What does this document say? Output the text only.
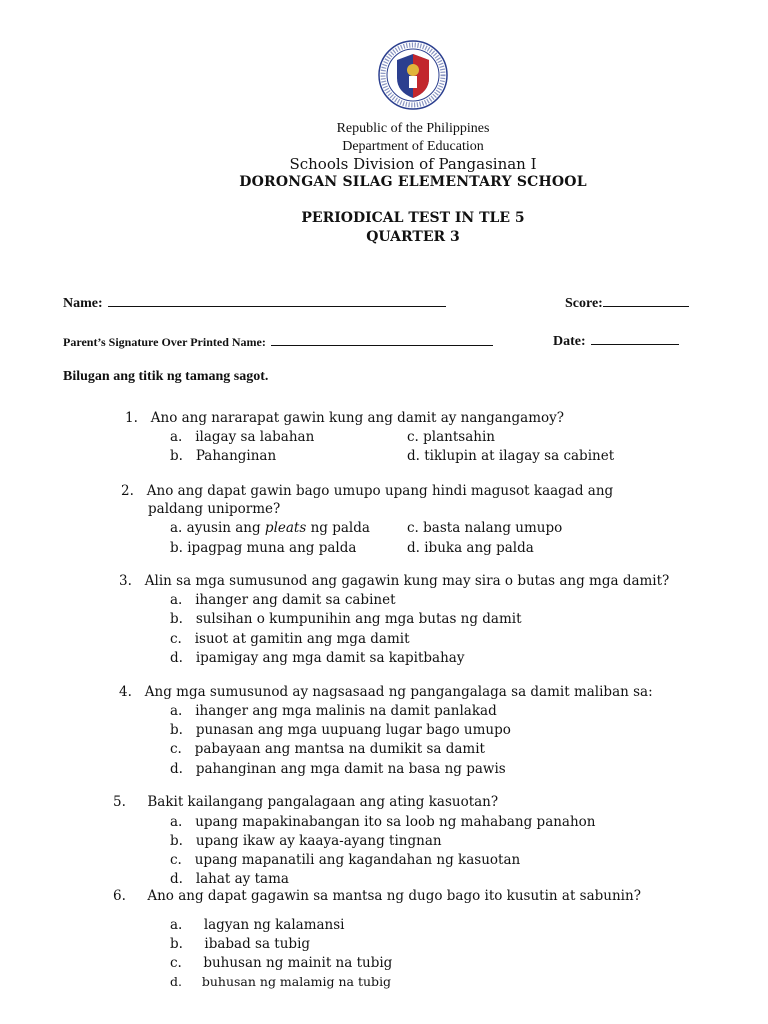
Republic of the Philippines
Department of Education
Schools Division of Pangasinan I
DORONGAN SILAG ELEMENTARY SCHOOL
PERIODICAL TEST IN TLE 5
QUARTER 3
Name:	Score:
Parent’s Signature Over Printed Name:	Date:
Bilugan ang titik ng tamang sagot.
1. Ano ang nararapat gawin kung ang damit ay nangangamoy?
a. ilagay sa labahan	c. plantsahin
b. Pahanginan	d. tiklupin at ilagay sa cabinet
2. Ano ang dapat gawin bago umupo upang hindi magusot kaagad ang
paldang uniporme?
a. ayusin ang pleats ng palda	c. basta nalang umupo
b. ipagpag muna ang palda	d. ibuka ang palda
3. Alin sa mga sumusunod ang gagawin kung may sira o butas ang mga damit?
a. ihanger ang damit sa cabinet
b. sulsihan o kumpunihin ang mga butas ng damit
c. isuot at gamitin ang mga damit
d. ipamigay ang mga damit sa kapitbahay
4. Ang mga sumusunod ay nagsasaad ng pangangalaga sa damit maliban sa:
a. ihanger ang mga malinis na damit panlakad
b. punasan ang mga uupuang lugar bago umupo
c. pabayaan ang mantsa na dumikit sa damit
d. pahanginan ang mga damit na basa ng pawis
5. Bakit kailangang pangalagaan ang ating kasuotan?
a. upang mapakinabangan ito sa loob ng mahabang panahon
b. upang ikaw ay kaaya-ayang tingnan
c. upang mapanatili ang kagandahan ng kasuotan
d. lahat ay tama
6. Ano ang dapat gagawin sa mantsa ng dugo bago ito kusutin at sabunin?
a. lagyan ng kalamansi
b. ibabad sa tubig
c. buhusan ng mainit na tubig
d. buhusan ng malamig na tubig
